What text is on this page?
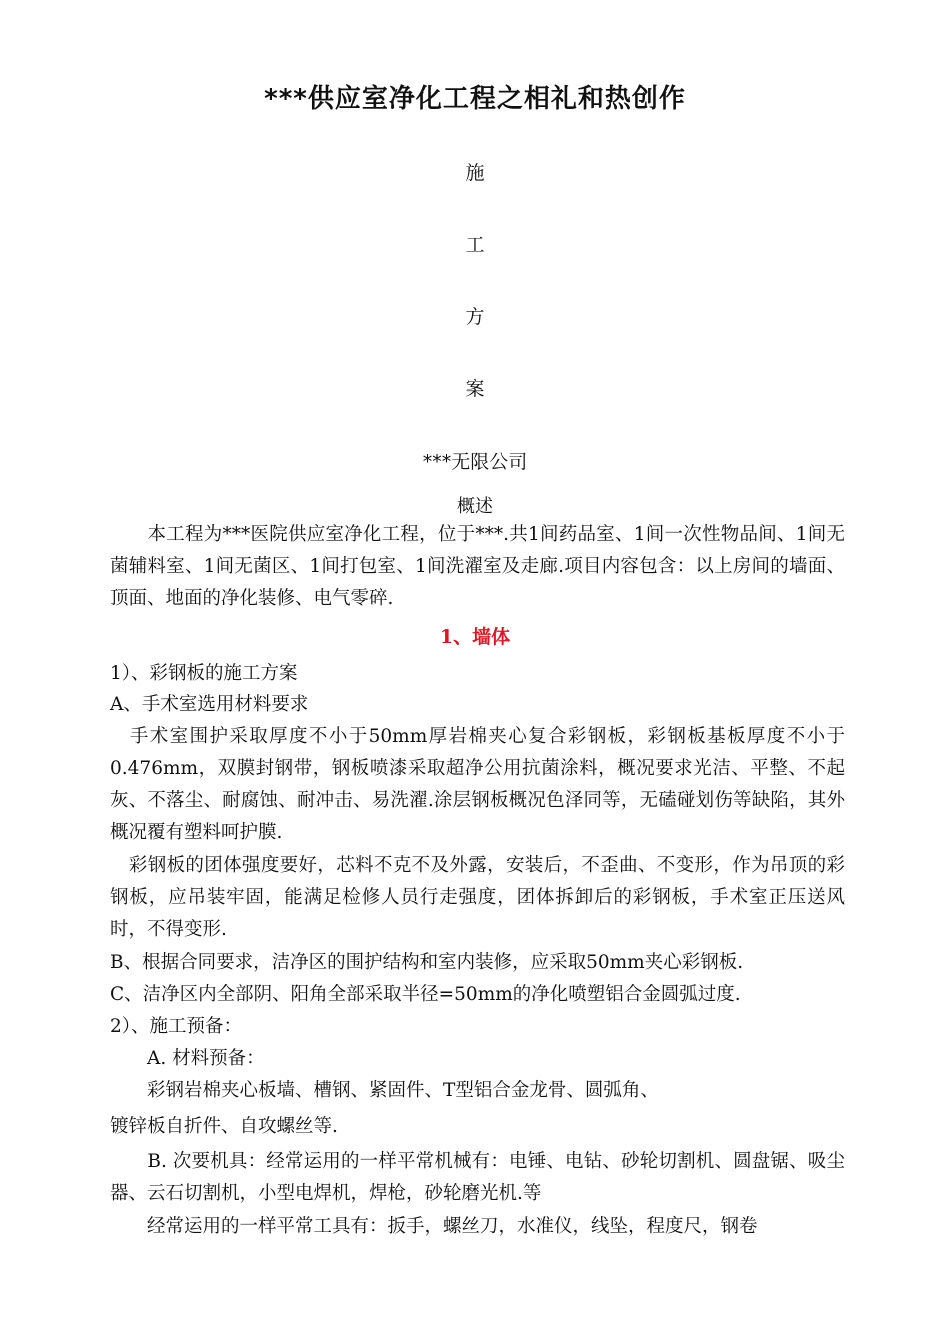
***供应室净化工程之相礼和热创作
施
工
方
案
***无限公司
概述

　　本工程为***医院供应室净化工程，位于***.共1间药品室、1间一次性物品间、1间无菌辅料室、1间无菌区、1间打包室、1间洗濯室及走廊.项目内容包含：以上房间的墙面、顶面、地面的净化装修、电气零碎.

1、墙体
1）、彩钢板的施工方案
A、手术室选用材料要求

　手术室围护采取厚度不小于50mm厚岩棉夹心复合彩钢板，彩钢板基板厚度不小于0.476mm，双膜封钢带，钢板喷漆采取超净公用抗菌涂料，概况要求光洁、平整、不起灰、不落尘、耐腐蚀、耐冲击、易洗濯.涂层钢板概况色泽同等，无磕碰划伤等缺陷，其外概况覆有塑料呵护膜.

　彩钢板的团体强度要好，芯料不克不及外露，安装后，不歪曲、不变形，作为吊顶的彩钢板，应吊装牢固，能满足检修人员行走强度，团体拆卸后的彩钢板，手术室正压送风时，不得变形.

B、根据合同要求，洁净区的围护结构和室内装修，应采取50mm夹心彩钢板.
C、洁净区内全部阴、阳角全部采取半径=50mm的净化喷塑铝合金圆弧过度.
2）、施工预备：
　　A. 材料预备：
　　彩钢岩棉夹心板墙、槽钢、紧固件、T型铝合金龙骨、圆弧角、
镀锌板自折件、自攻螺丝等.

　　B. 次要机具：经常运用的一样平常机械有：电锤、电钻、砂轮切割机、圆盘锯、吸尘器、云石切割机，小型电焊机，焊枪，砂轮磨光机.等

　　经常运用的一样平常工具有：扳手，螺丝刀，水准仪，线坠，程度尺，钢卷
